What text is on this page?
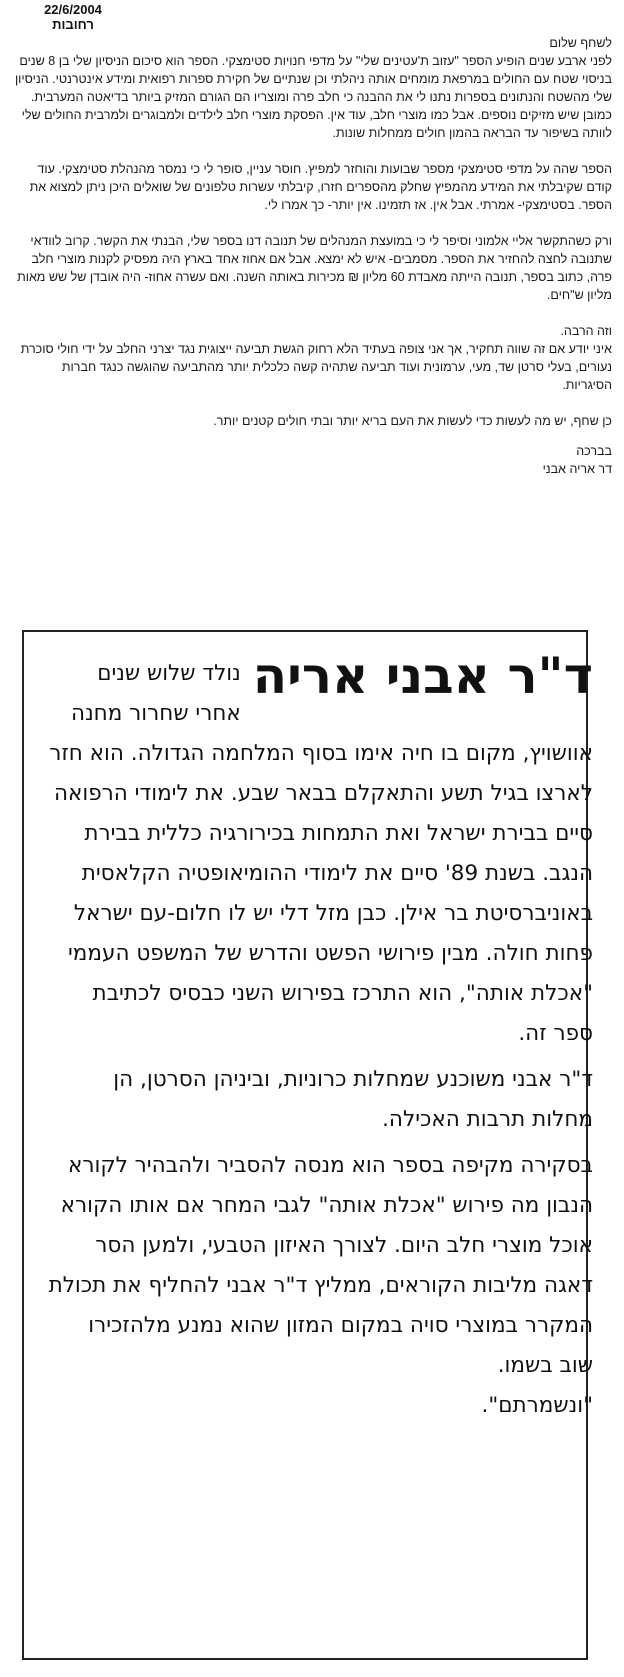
22/6/2004
רחובות

לשחף שלום

לפני ארבע שנים הופיע הספר "עזוב ת'עטינים שלי" על מדפי חנויות סטימצקי. הספר הוא סיכום הניסיון שלי בן 8 שנים בניסוי שטח עם החולים במרפאת מומחים אותה ניהלתי וכן שנתיים של חקירת ספרות רפואית ומידע אינטרנטי. הניסיון שלי מהשטח והנתונים בספרות נתנו לי את ההבנה כי חלב פרה ומוצריו הם הגורם המזיק ביותר בדיאטה המערבית. כמובן שיש מזיקים נוספים. אבל כמו מוצרי חלב, עוד אין. הפסקת מוצרי חלב לילדים ולמבוגרים ולמרבית החולים שלי לוותה בשיפור עד הבראה בהמון חולים ממחלות שונות.

הספר שהה על מדפי סטימצקי מספר שבועות והוחזר למפיץ. חוסר עניין, סופר לי כי נמסר מהנהלת סטימצקי. עוד קודם שקיבלתי את המידע מהמפיץ שחלק מהספרים חזרו, קיבלתי עשרות טלפונים של שואלים היכן ניתן למצוא את הספר. בסטימצקי- אמרתי. אבל אין. אז תזמינו. אין יותר- כך אמרו לי.

ורק כשהתקשר אליי אלמוני וסיפר לי כי במועצת המנהלים של תנובה דנו בספר שלי, הבנתי את הקשר. קרוב לוודאי שתנובה לחצה להחזיר את הספר. מסמבים- איש לא ימצא. אבל אם אחוז אחד בארץ היה מפסיק לקנות מוצרי חלב פרה, כתוב בספר, תנובה הייתה מאבדת 60 מליון ₪ מכירות באותה השנה. ואם עשרה אחוז- היה אובדן של שש מאות מליון ש"חים.

וזה הרבה.

איני יודע אם זה שווה תחקיר, אך אני צופה בעתיד הלא רחוק הגשת תביעה ייצוגית נגד יצרני החלב על ידי חולי סוכרת נעורים, בעלי סרטן שד, מעי, ערמונית ועוד תביעה שתהיה קשה כלכלית יותר מהתביעה שהוגשה כנגד חברות הסיגריות.

כן שחף, יש מה לעשות כדי לעשות את העם בריא יותר ובתי חולים קטנים יותר.

בברכה

דר אריה אבני

ד"ר אבני אריה

נולד שלוש שנים אחרי שחרור מחנה אוושויץ, מקום בו חיה אימו בסוף המלחמה הגדולה. הוא חזר לארצו בגיל תשע והתאקלם בבאר שבע. את לימודי הרפואה סיים בבירת ישראל ואת התמחות בכירורגיה כללית בבירת הנגב. בשנת 89' סיים את לימודי ההומיאופטיה הקלאסית באוניברסיטת בר אילן. כבן מזל דלי יש לו חלום-עם ישראל פחות חולה. מבין פירושי הפשט והדרש של המשפט העממי "אכלת אותה", הוא התרכז בפירוש השני כבסיס לכתיבת ספר זה.

ד"ר אבני משוכנע שמחלות כרוניות, וביניהן הסרטן, הן מחלות תרבות האכילה.

בסקירה מקיפה בספר הוא מנסה להסביר ולהבהיר לקורא הנבון מה פירוש "אכלת אותה" לגבי המחר אם אותו הקורא אוכל מוצרי חלב היום. לצורך האיזון הטבעי, ולמען הסר דאגה מליבות הקוראים, ממליץ ד"ר אבני להחליף את תכולת המקרר במוצרי סויה במקום המזון שהוא נמנע מלהזכירו שוב בשמו.

"ונשמרתם".
